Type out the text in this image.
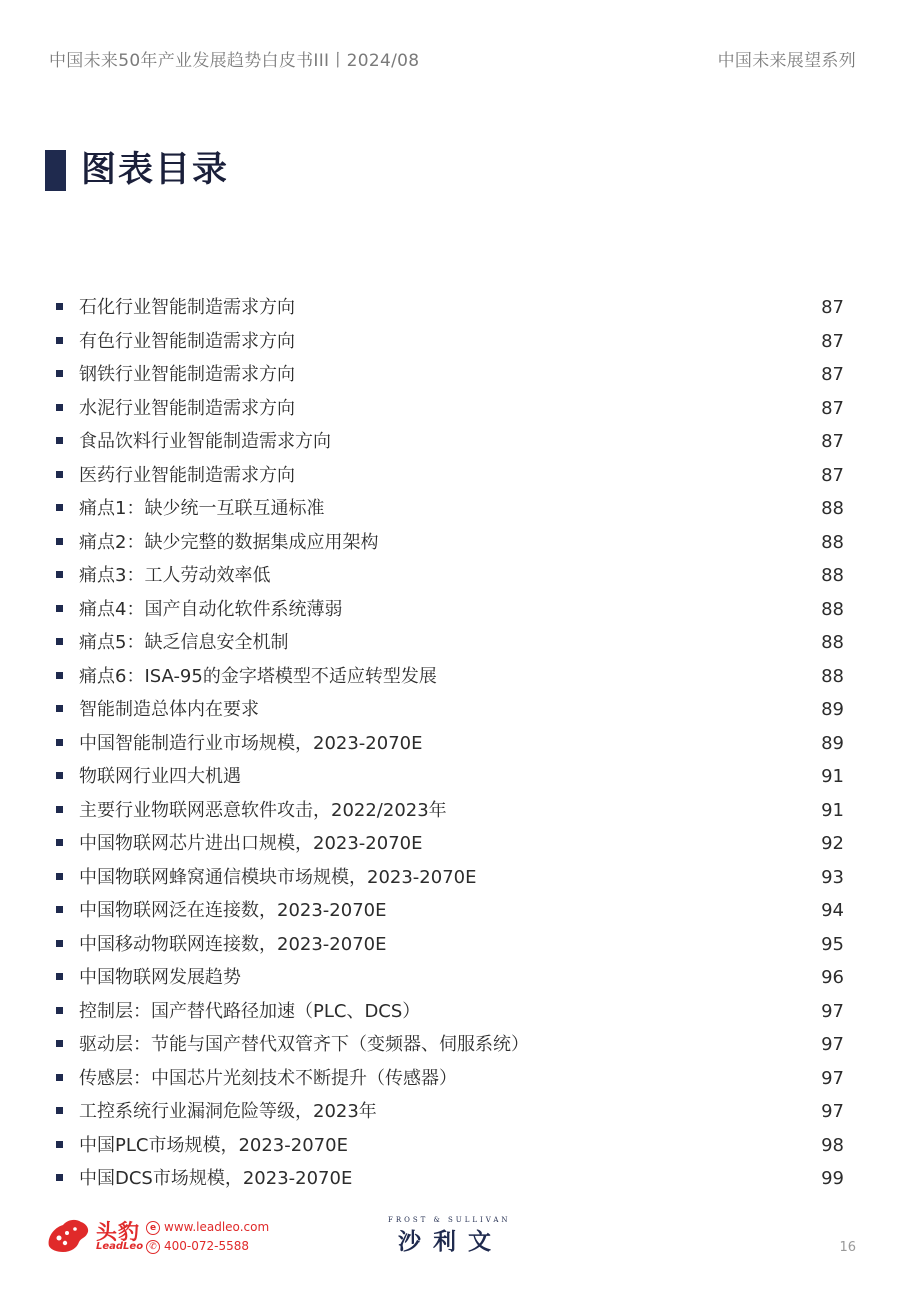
中国未来50年产业发展趋势白皮书III丨2024/08	中国未来展望系列
图表目录
石化行业智能制造需求方向	87
有色行业智能制造需求方向	87
钢铁行业智能制造需求方向	87
水泥行业智能制造需求方向	87
食品饮料行业智能制造需求方向	87
医药行业智能制造需求方向	87
痛点1：缺少统一互联互通标准	88
痛点2：缺少完整的数据集成应用架构	88
痛点3：工人劳动效率低	88
痛点4：国产自动化软件系统薄弱	88
痛点5：缺乏信息安全机制	88
痛点6：ISA-95的金字塔模型不适应转型发展	88
智能制造总体内在要求	89
中国智能制造行业市场规模，2023-2070E	89
物联网行业四大机遇	91
主要行业物联网恶意软件攻击，2022/2023年	91
中国物联网芯片进出口规模，2023-2070E	92
中国物联网蜂窝通信模块市场规模，2023-2070E	93
中国物联网泛在连接数，2023-2070E	94
中国移动物联网连接数，2023-2070E	95
中国物联网发展趋势	96
控制层：国产替代路径加速（PLC、DCS）	97
驱动层：节能与国产替代双管齐下（变频器、伺服系统）	97
传感层：中国芯片光刻技术不断提升（传感器）	97
工控系统行业漏洞危险等级，2023年	97
中国PLC市场规模，2023-2070E	98
中国DCS市场规模，2023-2070E	99
头豹
LeadLeo
e www.leadleo.com
✆ 400-072-5588
FROST & SULLIVAN
沙利文	16
